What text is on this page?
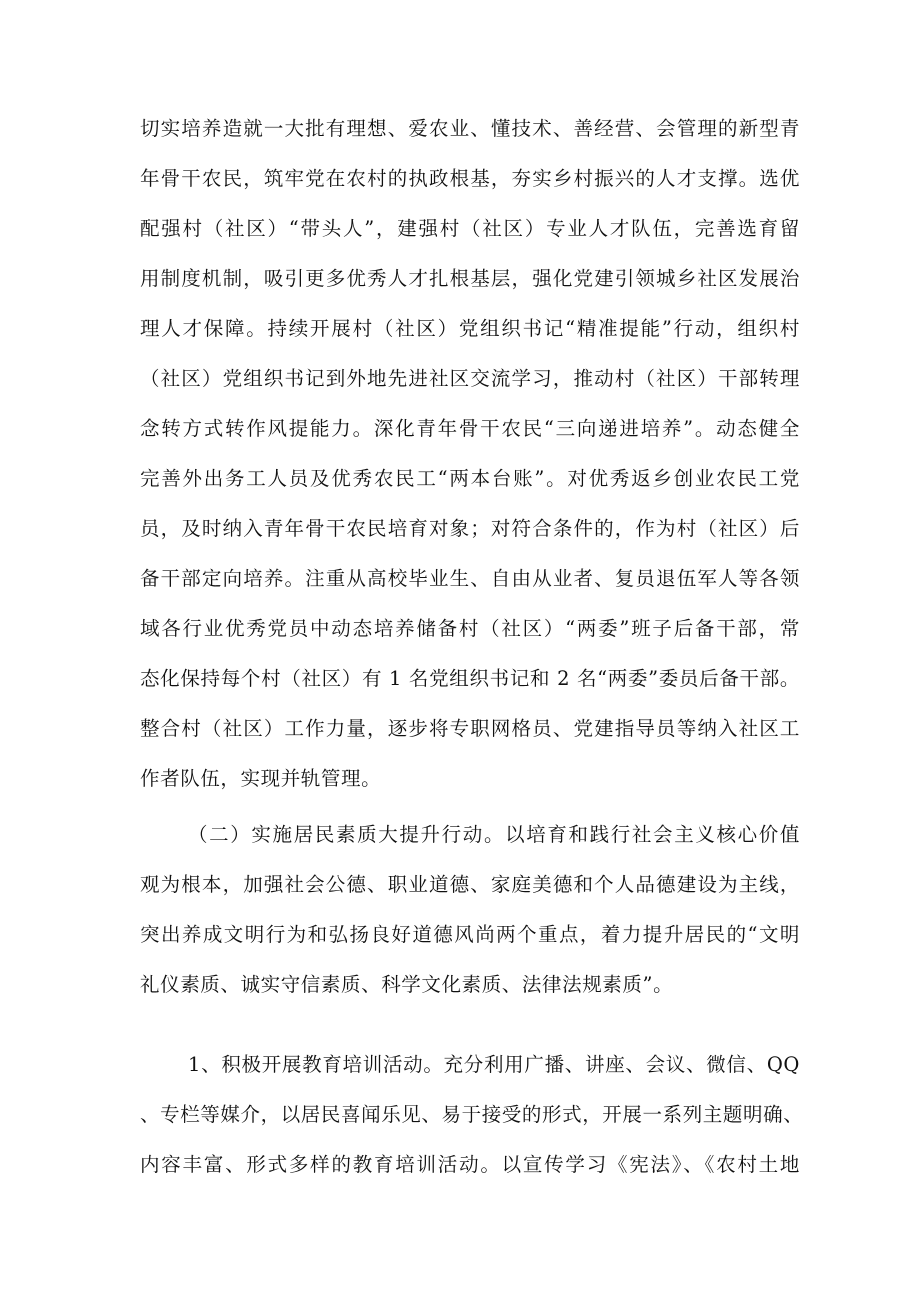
切实培养造就一大批有理想、爱农业、懂技术、善经营、会管理的新型青
年骨干农民，筑牢党在农村的执政根基，夯实乡村振兴的人才支撑。选优
配强村（社区）“带头人”，建强村（社区）专业人才队伍，完善选育留
用制度机制，吸引更多优秀人才扎根基层，强化党建引领城乡社区发展治
理人才保障。持续开展村（社区）党组织书记“精准提能”行动，组织村
（社区）党组织书记到外地先进社区交流学习，推动村（社区）干部转理
念转方式转作风提能力。深化青年骨干农民“三向递进培养”。动态健全
完善外出务工人员及优秀农民工“两本台账”。对优秀返乡创业农民工党
员，及时纳入青年骨干农民培育对象；对符合条件的，作为村（社区）后
备干部定向培养。注重从高校毕业生、自由从业者、复员退伍军人等各领
域各行业优秀党员中动态培养储备村（社区）“两委”班子后备干部，常
态化保持每个村（社区）有 1 名党组织书记和 2 名“两委”委员后备干部。
整合村（社区）工作力量，逐步将专职网格员、党建指导员等纳入社区工
作者队伍，实现并轨管理。
（二）实施居民素质大提升行动。以培育和践行社会主义核心价值
观为根本，加强社会公德、职业道德、家庭美德和个人品德建设为主线，
突出养成文明行为和弘扬良好道德风尚两个重点，着力提升居民的“文明
礼仪素质、诚实守信素质、科学文化素质、法律法规素质”。
1、积极开展教育培训活动。充分利用广播、讲座、会议、微信、QQ
、专栏等媒介，以居民喜闻乐见、易于接受的形式，开展一系列主题明确、
内容丰富、形式多样的教育培训活动。以宣传学习《宪法》、《农村土地
